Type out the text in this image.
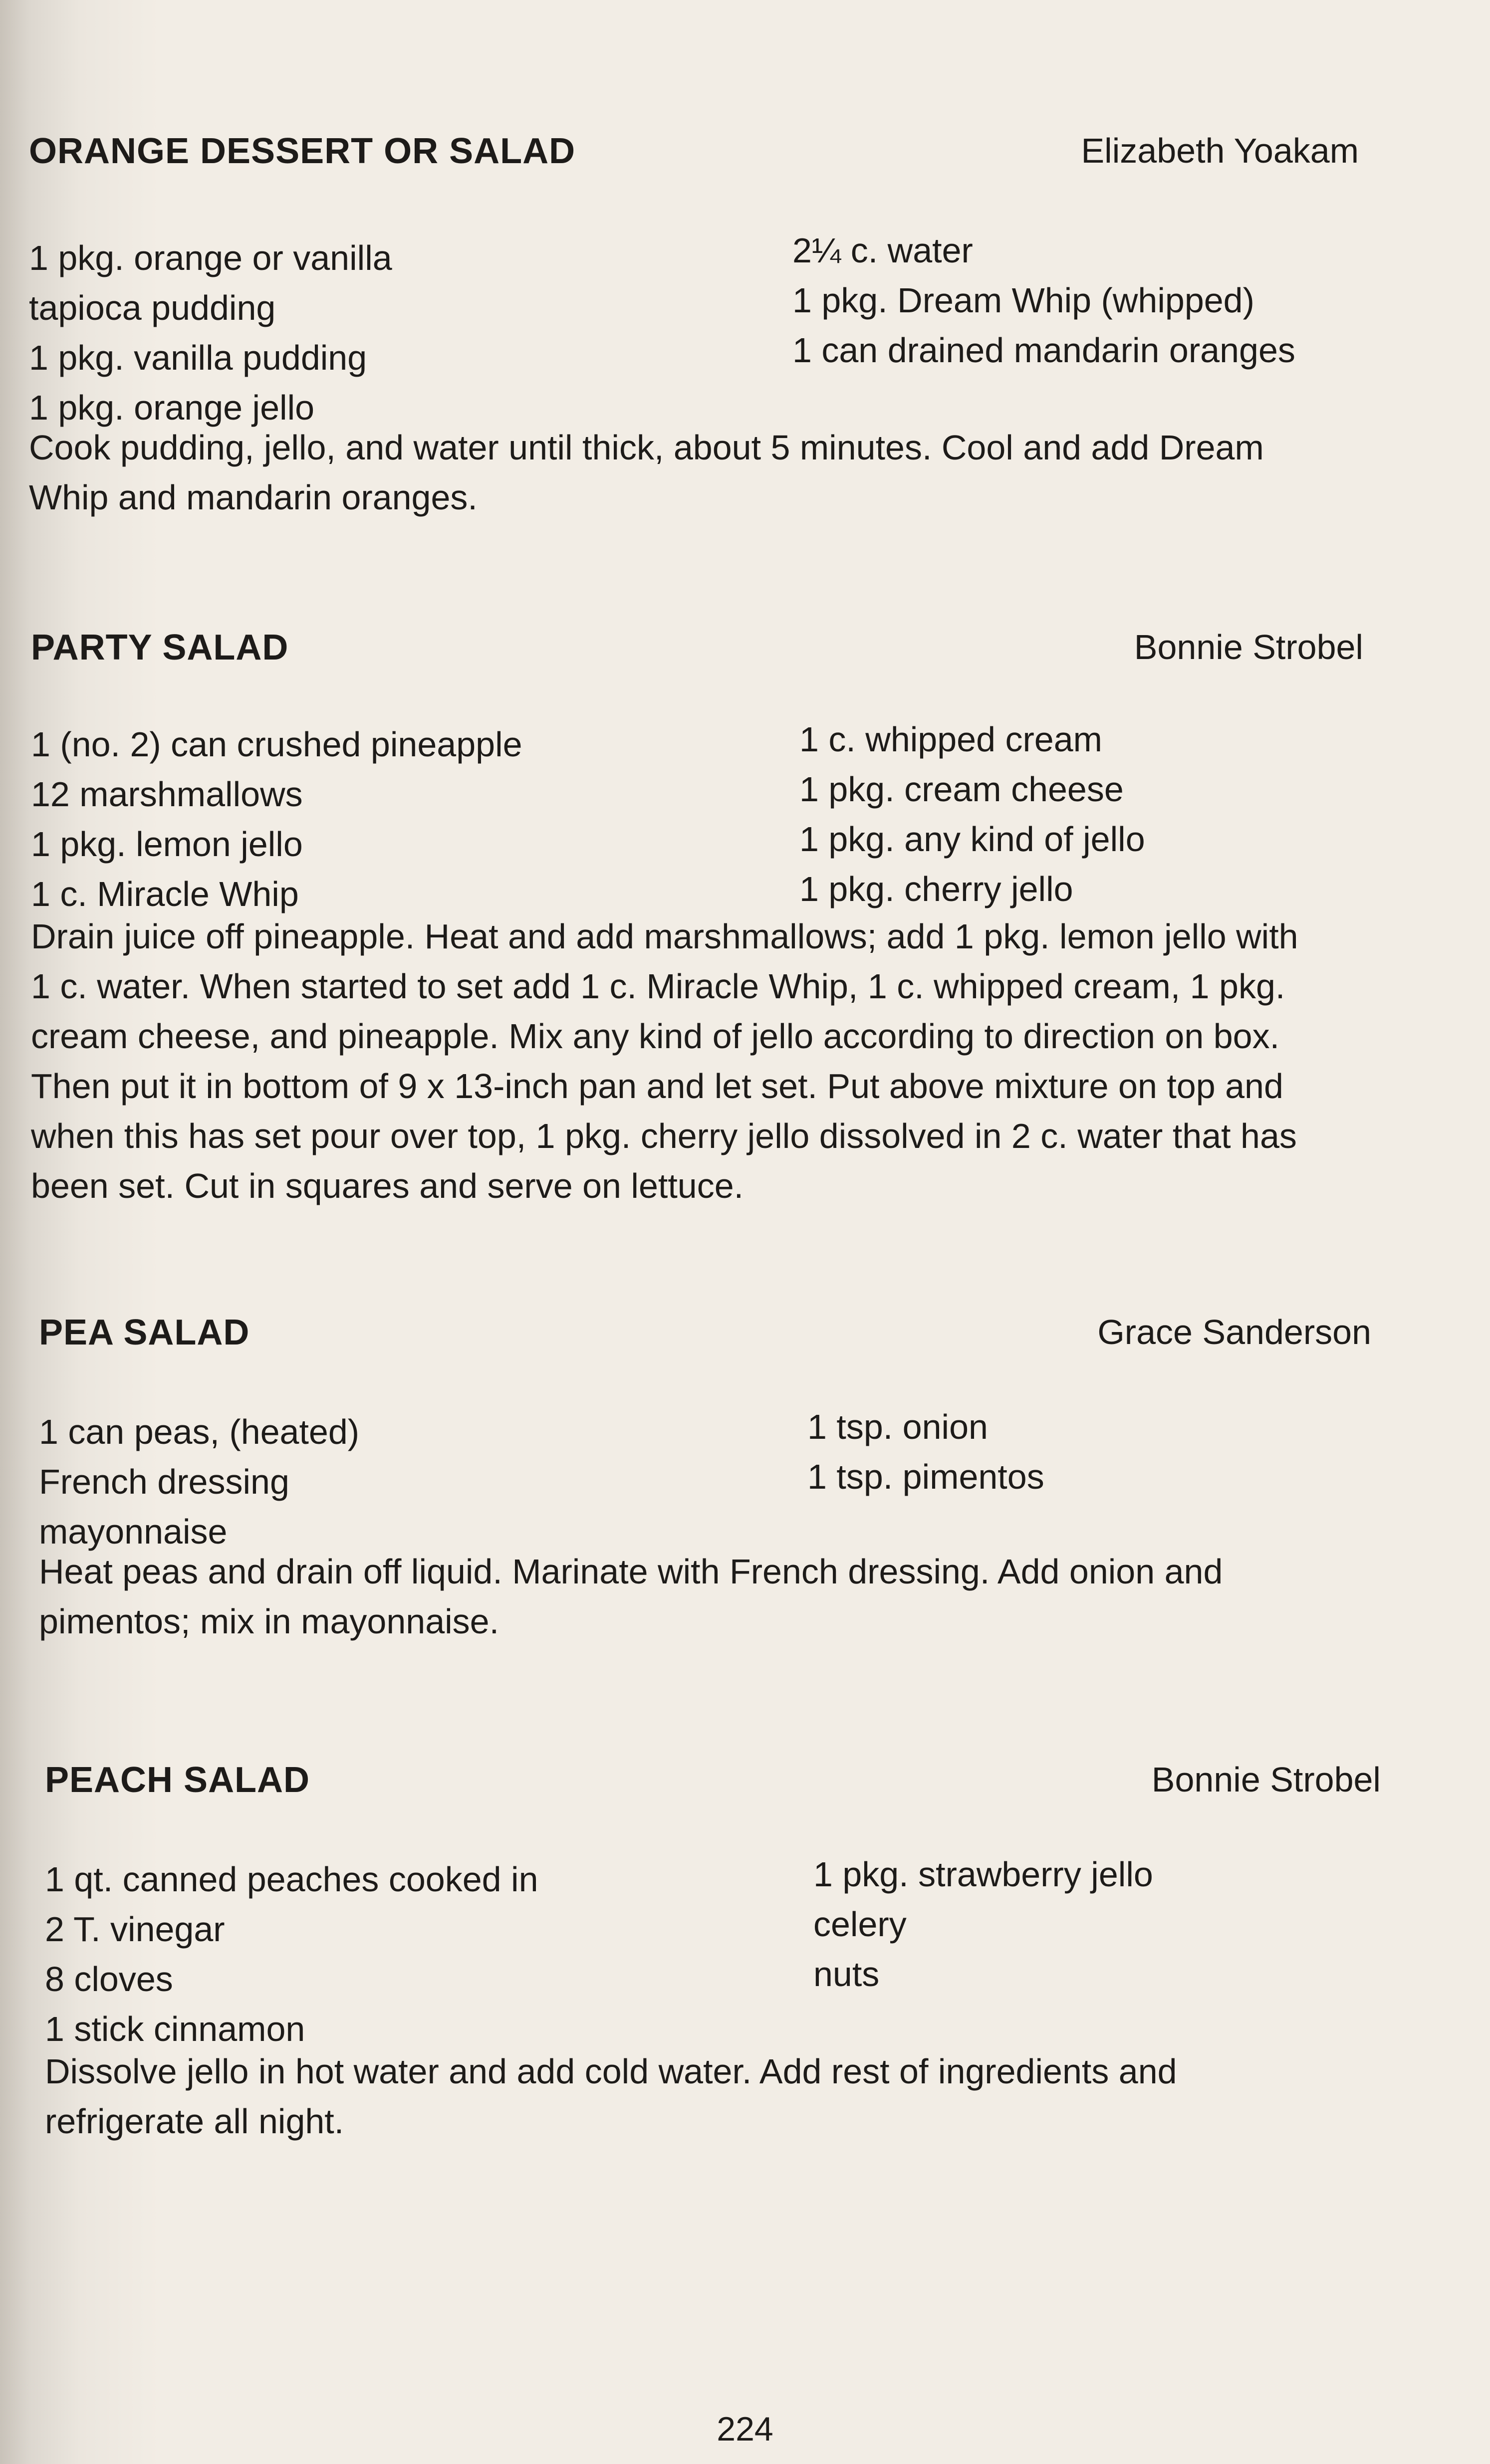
ORANGE DESSERT OR SALAD	Elizabeth Yoakam
1 pkg. orange or vanilla
tapioca pudding
1 pkg. vanilla pudding
1 pkg. orange jello
2¼ c. water
1 pkg. Dream Whip (whipped)
1 can drained mandarin oranges
Cook pudding, jello, and water until thick, about 5 minutes. Cool and add Dream
Whip and mandarin oranges.
PARTY SALAD	Bonnie Strobel
1 (no. 2) can crushed pineapple
12 marshmallows
1 pkg. lemon jello
1 c. Miracle Whip
1 c. whipped cream
1 pkg. cream cheese
1 pkg. any kind of jello
1 pkg. cherry jello
Drain juice off pineapple. Heat and add marshmallows; add 1 pkg. lemon jello with
1 c. water. When started to set add 1 c. Miracle Whip, 1 c. whipped cream, 1 pkg.
cream cheese, and pineapple. Mix any kind of jello according to direction on box.
Then put it in bottom of 9 x 13-inch pan and let set. Put above mixture on top and
when this has set pour over top, 1 pkg. cherry jello dissolved in 2 c. water that has
been set. Cut in squares and serve on lettuce.
PEA SALAD	Grace Sanderson
1 can peas, (heated)
French dressing
mayonnaise
1 tsp. onion
1 tsp. pimentos
Heat peas and drain off liquid. Marinate with French dressing. Add onion and
pimentos; mix in mayonnaise.
PEACH SALAD	Bonnie Strobel
1 qt. canned peaches cooked in
2 T. vinegar
8 cloves
1 stick cinnamon
1 pkg. strawberry jello
celery
nuts
Dissolve jello in hot water and add cold water. Add rest of ingredients and
refrigerate all night.
224
